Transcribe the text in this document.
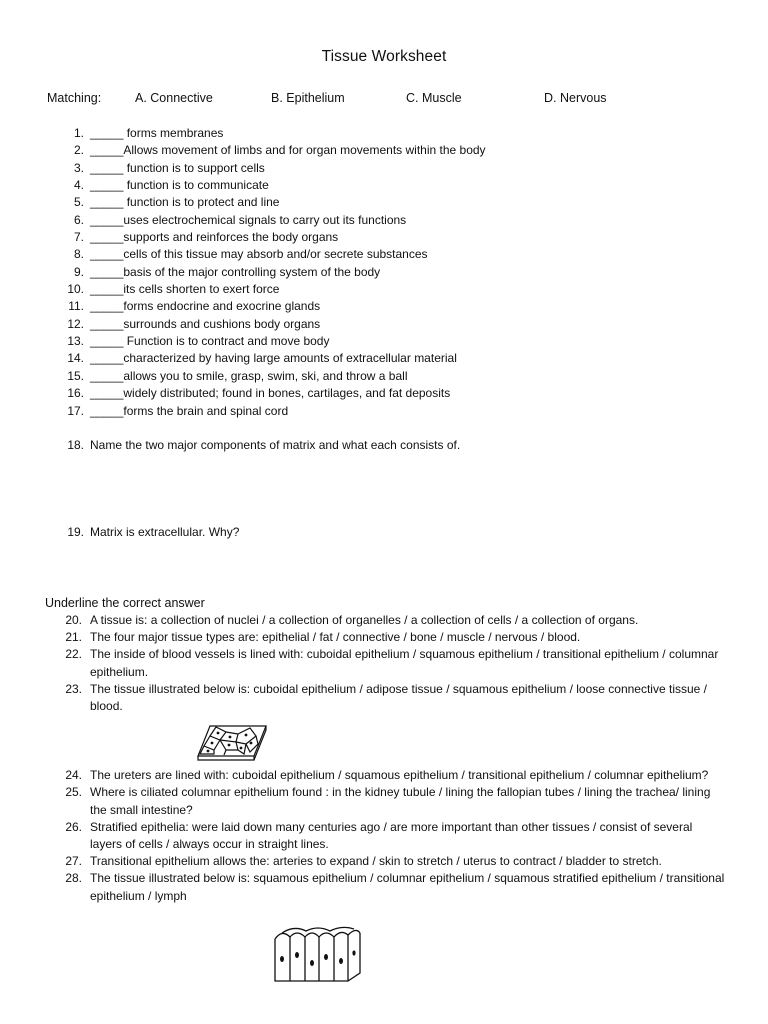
Tissue Worksheet
Matching:	A. Connective	B. Epithelium	C. Muscle	D. Nervous
1. _____ forms membranes
2. _____Allows movement of limbs and for organ movements within the body
3. _____ function is to support cells
4. _____ function is to communicate
5. _____ function is to protect and line
6. _____uses electrochemical signals to carry out its functions
7. _____supports and reinforces the body organs
8. _____cells of this tissue may absorb and/or secrete substances
9. _____basis of the major controlling system of the body
10. _____its cells shorten to exert force
11. _____forms endocrine and exocrine glands
12. _____surrounds and cushions body organs
13. _____ Function is to contract and move body
14. _____characterized by having large amounts of extracellular material
15. _____allows you to smile, grasp, swim, ski, and throw a ball
16. _____widely distributed; found in bones, cartilages, and fat deposits
17. _____forms the brain and spinal cord
18. Name the two major components of matrix and what each consists of.
19. Matrix is extracellular. Why?
Underline the correct answer
20. A tissue is: a collection of nuclei / a collection of organelles / a collection of cells / a collection of organs.
21. The four major tissue types are: epithelial / fat / connective / bone / muscle / nervous / blood.
22. The inside of blood vessels is lined with: cuboidal epithelium / squamous epithelium / transitional epithelium / columnar epithelium.
23. The tissue illustrated below is: cuboidal epithelium / adipose tissue / squamous epithelium / loose connective tissue / blood.
24. The ureters are lined with: cuboidal epithelium / squamous epithelium / transitional epithelium / columnar epithelium?
25. Where is ciliated columnar epithelium found : in the kidney tubule / lining the fallopian tubes / lining the trachea/ lining the small intestine?
26. Stratified epithelia: were laid down many centuries ago / are more important than other tissues / consist of several layers of cells / always occur in straight lines.
27. Transitional epithelium allows the: arteries to expand / skin to stretch / uterus to contract / bladder to stretch.
28. The tissue illustrated below is: squamous epithelium / columnar epithelium / squamous stratified epithelium / transitional epithelium / lymph
